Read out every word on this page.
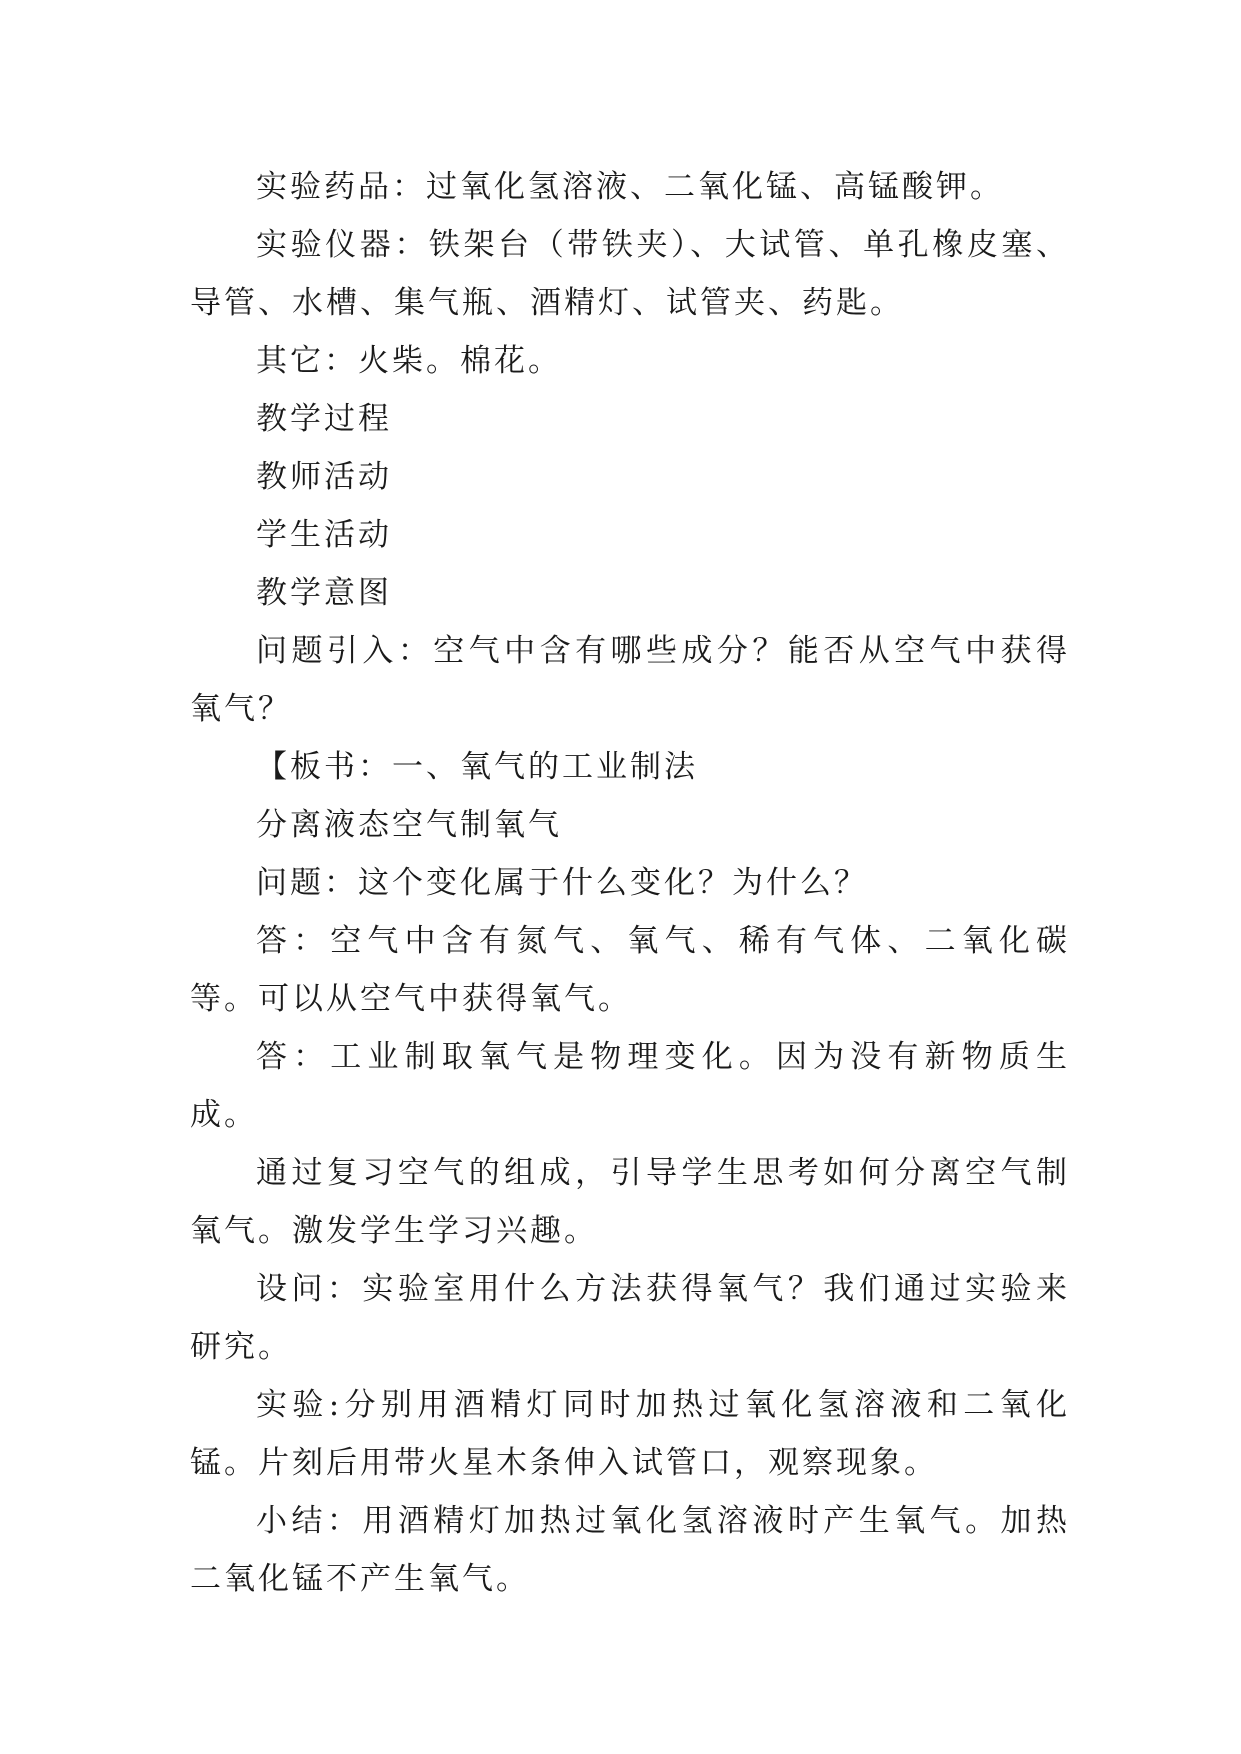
实验药品：过氧化氢溶液、二氧化锰、高锰酸钾。

实验仪器：铁架台（带铁夹）、大试管、单孔橡皮塞、导管、水槽、集气瓶、酒精灯、试管夹、药匙。

其它：火柴。棉花。

教学过程

教师活动

学生活动

教学意图

问题引入：空气中含有哪些成分？能否从空气中获得氧气？

【板书：一、氧气的工业制法

分离液态空气制氧气

问题：这个变化属于什么变化？为什么？

答：空气中含有氮气、氧气、稀有气体、二氧化碳等。可以从空气中获得氧气。

答：工业制取氧气是物理变化。因为没有新物质生成。

通过复习空气的组成，引导学生思考如何分离空气制氧气。激发学生学习兴趣。

设问：实验室用什么方法获得氧气？我们通过实验来研究。

实验:分别用酒精灯同时加热过氧化氢溶液和二氧化锰。片刻后用带火星木条伸入试管口，观察现象。

小结：用酒精灯加热过氧化氢溶液时产生氧气。加热二氧化锰不产生氧气。
